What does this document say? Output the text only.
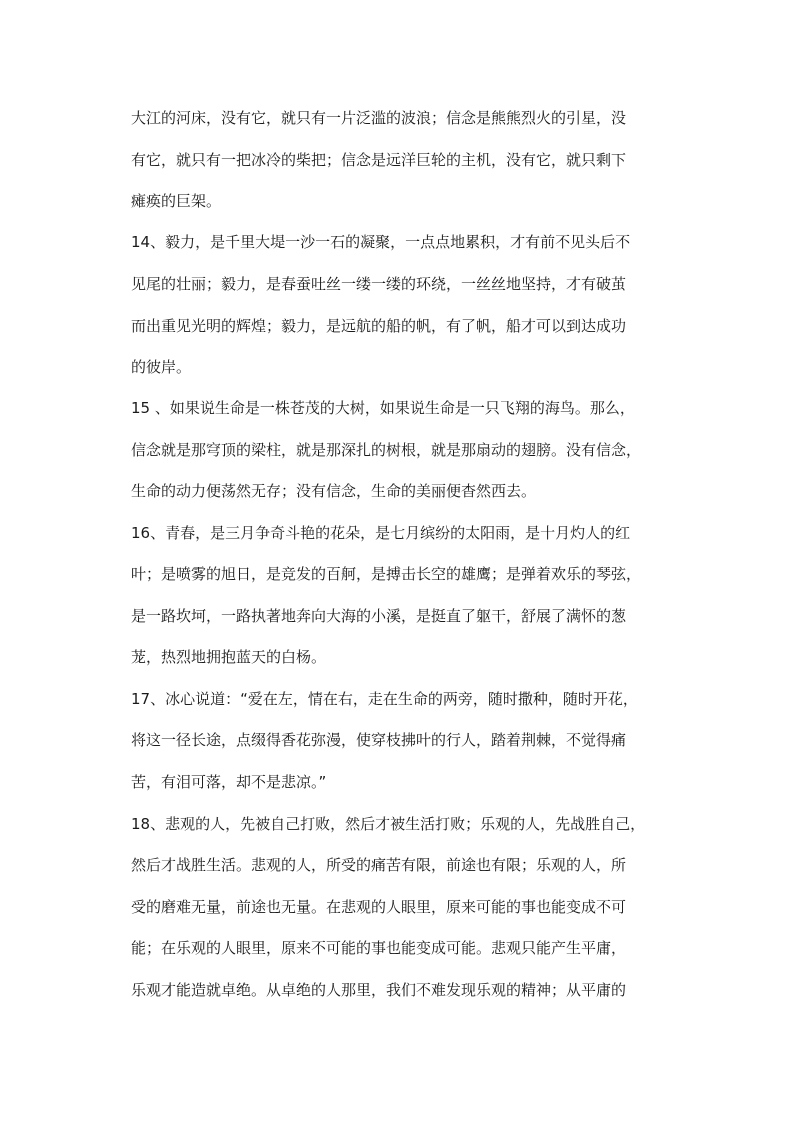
大江的河床，没有它，就只有一片泛滥的波浪；信念是熊熊烈火的引星，没
有它，就只有一把冰冷的柴把；信念是远洋巨轮的主机，没有它，就只剩下
瘫痪的巨架。
14、毅力，是千里大堤一沙一石的凝聚，一点点地累积，才有前不见头后不
见尾的壮丽；毅力，是春蚕吐丝一缕一缕的环绕，一丝丝地坚持，才有破茧
而出重见光明的辉煌；毅力，是远航的船的帆，有了帆，船才可以到达成功
的彼岸。
15 、如果说生命是一株苍茂的大树，如果说生命是一只飞翔的海鸟。那么，
信念就是那穹顶的梁柱，就是那深扎的树根，就是那扇动的翅膀。没有信念，
生命的动力便荡然无存；没有信念，生命的美丽便杳然西去。
16、青春，是三月争奇斗艳的花朵，是七月缤纷的太阳雨，是十月灼人的红
叶；是喷雾的旭日，是竞发的百舸，是搏击长空的雄鹰；是弹着欢乐的琴弦，
是一路坎坷，一路执著地奔向大海的小溪，是挺直了躯干，舒展了满怀的葱
茏，热烈地拥抱蓝天的白杨。
17、冰心说道：“爱在左，情在右，走在生命的两旁，随时撒种，随时开花，
将这一径长途，点缀得香花弥漫，使穿枝拂叶的行人，踏着荆棘，不觉得痛
苦，有泪可落，却不是悲凉。”
18、悲观的人，先被自己打败，然后才被生活打败；乐观的人，先战胜自己，
然后才战胜生活。悲观的人，所受的痛苦有限，前途也有限；乐观的人，所
受的磨难无量，前途也无量。在悲观的人眼里，原来可能的事也能变成不可
能；在乐观的人眼里，原来不可能的事也能变成可能。悲观只能产生平庸，
乐观才能造就卓绝。从卓绝的人那里，我们不难发现乐观的精神；从平庸的
